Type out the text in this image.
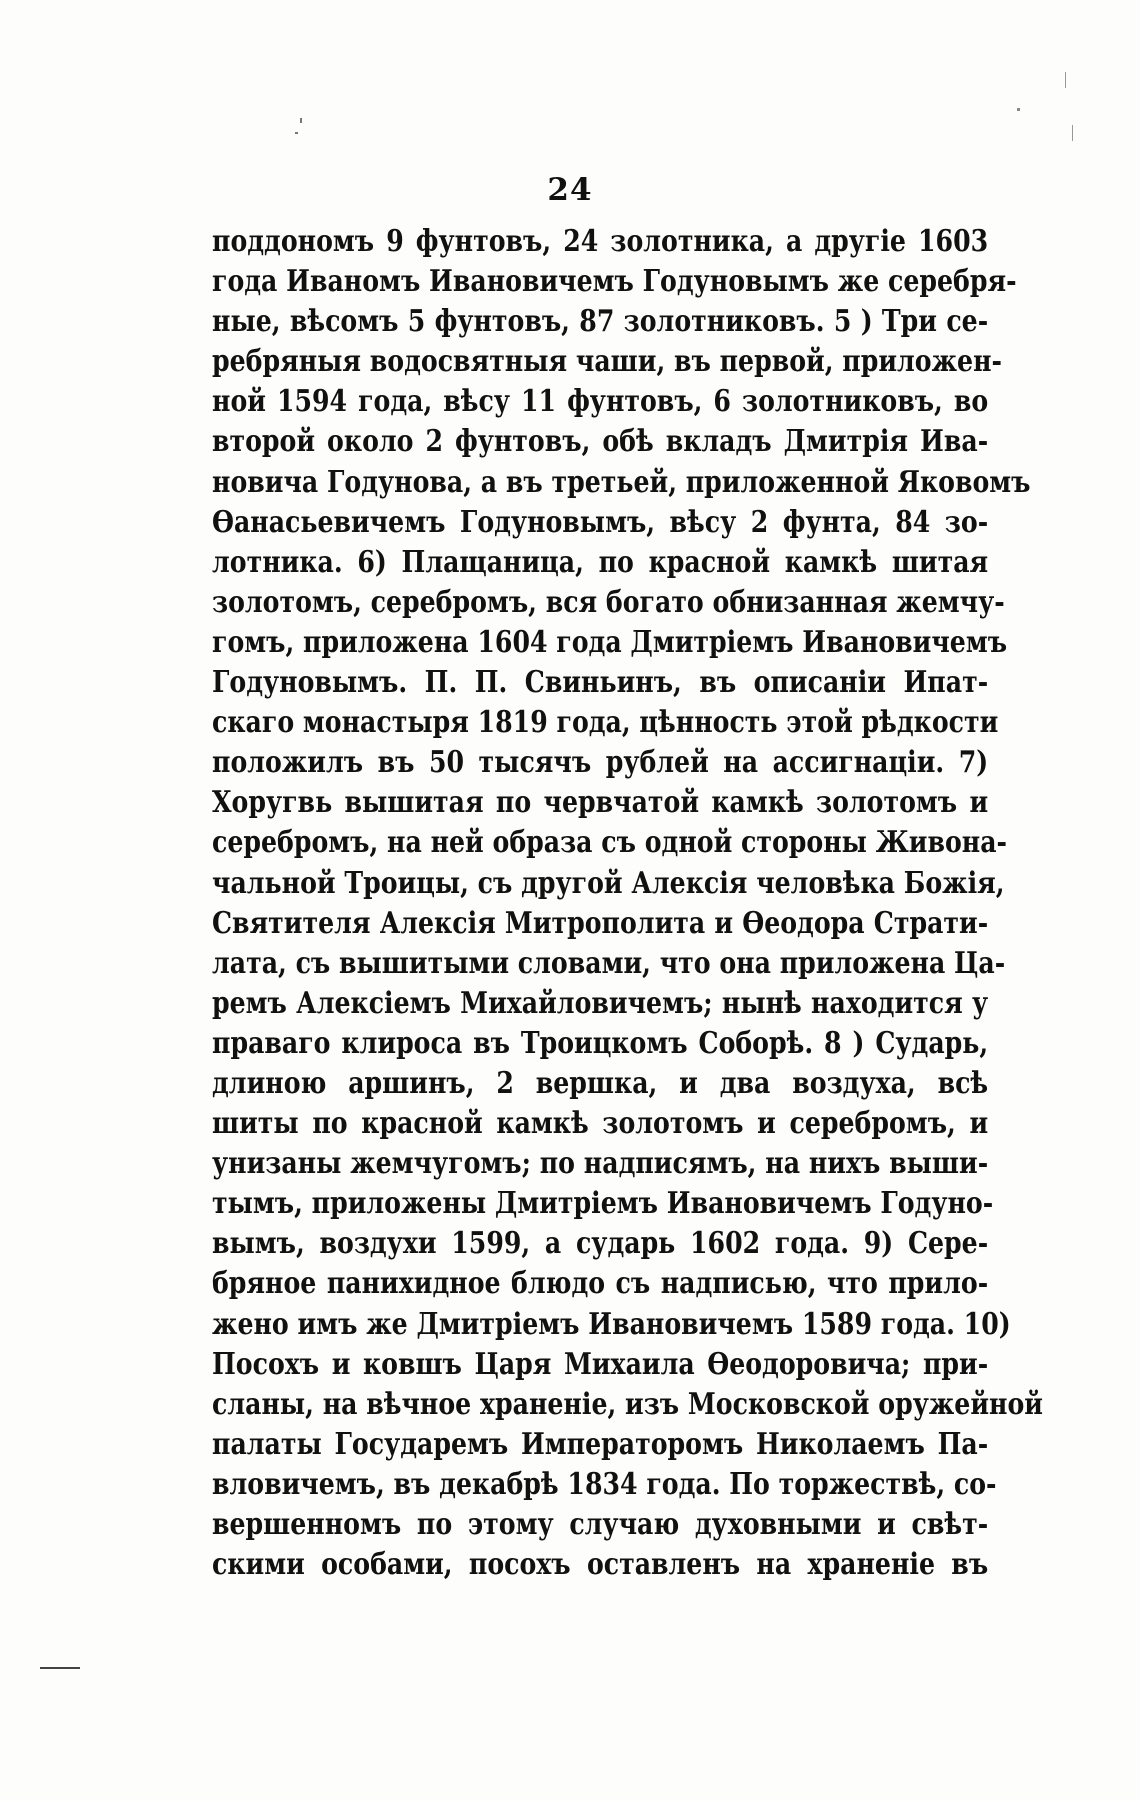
24
поддономъ 9 фунтовъ, 24 золотника, а другіе 1603
года Иваномъ Ивановичемъ Годуновымъ же серебря-
ные, вѣсомъ 5 фунтовъ, 87 золотниковъ. 5 ) Три се-
ребряныя водосвятныя чаши, въ первой, приложен-
ной 1594 года, вѣсу 11 фунтовъ, 6 золотниковъ, во
второй около 2 фунтовъ, обѣ вкладъ Дмитрія Ива-
новича Годунова, а въ третьей, приложенной Яковомъ
Ѳанасьевичемъ Годуновымъ, вѣсу 2 фунта, 84 зо-
лотника. 6) Плащаница, по красной камкѣ шитая
золотомъ, серебромъ, вся богато обнизанная жемчу-
гомъ, приложена 1604 года Дмитріемъ Ивановичемъ
Годуновымъ. П. П. Свиньинъ, въ описаніи Ипат-
скаго монастыря 1819 года, цѣнность этой рѣдкости
положилъ въ 50 тысячъ рублей на ассигнаціи. 7)
Хоругвь вышитая по червчатой камкѣ золотомъ и
серебромъ, на ней образа съ одной стороны Живона-
чальной Троицы, съ другой Алексія человѣка Божія,
Святителя Алексія Митрополита и Ѳеодора Страти-
лата, съ вышитыми словами, что она приложена Ца-
ремъ Алексіемъ Михайловичемъ; нынѣ находится у
праваго клироса въ Троицкомъ Соборѣ. 8 ) Сударь,
длиною аршинъ, 2 вершка, и два воздуха, всѣ
шиты по красной камкѣ золотомъ и серебромъ, и
унизаны жемчугомъ; по надписямъ, на нихъ выши-
тымъ, приложены Дмитріемъ Ивановичемъ Годуно-
вымъ, воздухи 1599, а сударь 1602 года. 9) Сере-
бряное панихидное блюдо съ надписью, что прило-
жено имъ же Дмитріемъ Ивановичемъ 1589 года. 10)
Посохъ и ковшъ Царя Михаила Ѳеодоровича; при-
сланы, на вѣчное храненіе, изъ Московской оружейной
палаты Государемъ Императоромъ Николаемъ Па-
вловичемъ, въ декабрѣ 1834 года. По торжествѣ, со-
вершенномъ по этому случаю духовными и свѣт-
скими особами, посохъ оставленъ на храненіе въ
